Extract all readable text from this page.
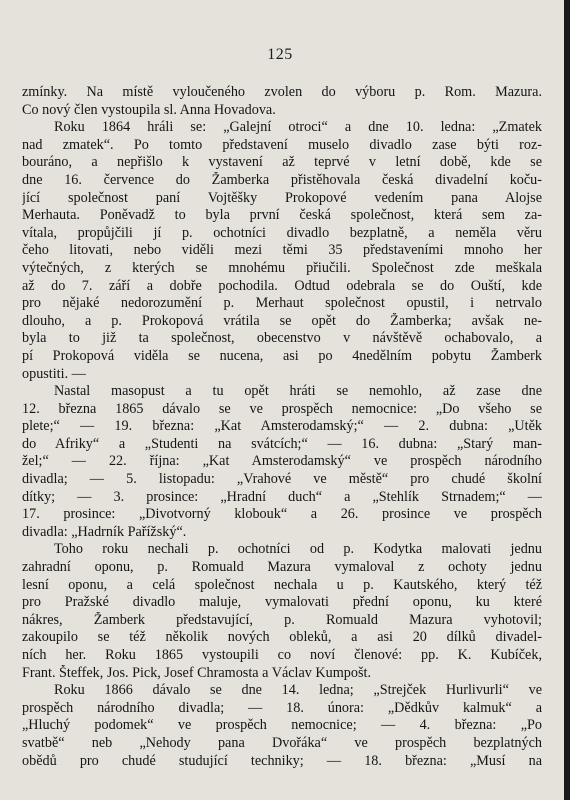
125
zmínky. Na místě vyloučeného zvolen do výboru p. Rom. Mazura.
Co nový člen vystoupila sl. Anna Hovadova.
Roku 1864 hráli se: „Galejní otroci“ a dne 10. ledna: „Zmatek
nad zmatek“. Po tomto představení muselo divadlo zase býti roz-
bouráno, a nepřišlo k vystavení až teprvé v letní době, kde se
dne 16. července do Žamberka přistěhovala česká divadelní koču-
jící společnost paní Vojtěšky Prokopové vedením pana Alojse
Merhauta. Poněvadž to byla první česká společnost, která sem za-
vítala, propůjčili jí p. ochotníci divadlo bezplatně, a neměla věru
čeho litovati, nebo viděli mezi těmi 35 představeními mnoho her
výtečných, z kterých se mnohému přiučili. Společnost zde meškala
až do 7. září a dobře pochodila. Odtud odebrala se do Ouští, kde
pro nějaké nedorozumění p. Merhaut společnost opustil, i netrvalo
dlouho, a p. Prokopová vrátila se opět do Žamberka; avšak ne-
byla to již ta společnost, obecenstvo v návštěvě ochabovalo, a
pí Prokopová viděla se nucena, asi po 4nedělním pobytu Žamberk
opustiti. —
Nastal masopust a tu opět hráti se nemohlo, až zase dne
12. března 1865 dávalo se ve prospěch nemocnice: „Do všeho se
plete;“ — 19. března: „Kat Amsterodamský;“ — 2. dubna: „Utěk
do Afriky“ a „Studenti na svátcích;“ — 16. dubna: „Starý man-
žel;“ — 22. října: „Kat Amsterodamský“ ve prospěch národního
divadla; — 5. listopadu: „Vrahové ve městě“ pro chudé školní
dítky; — 3. prosince: „Hradní duch“ a „Stehlík Strnadem;“ —
17. prosince: „Divotvorný klobouk“ a 26. prosince ve prospěch
divadla: „Hadrník Pařížský“.
Toho roku nechali p. ochotníci od p. Kodytka malovati jednu
zahradní oponu, p. Romuald Mazura vymaloval z ochoty jednu
lesní oponu, a celá společnost nechala u p. Kautského, který též
pro Pražské divadlo maluje, vymalovati přední oponu, ku které
nákres, Žamberk představující, p. Romuald Mazura vyhotovil;
zakoupilo se též několik nových obleků, a asi 20 dílků divadel-
ních her. Roku 1865 vystoupili co noví členové: pp. K. Kubíček,
Frant. Šteffek, Jos. Pick, Josef Chramosta a Václav Kumpošt.
Roku 1866 dávalo se dne 14. ledna; „Strejček Hurlivurli“ ve
prospěch národního divadla; — 18. února: „Dědkův kalmuk“ a
„Hluchý podomek“ ve prospěch nemocnice; — 4. března: „Po
svatbě“ neb „Nehody pana Dvořáka“ ve prospěch bezplatných
obědů pro chudé studující techniky; — 18. března: „Musí na
